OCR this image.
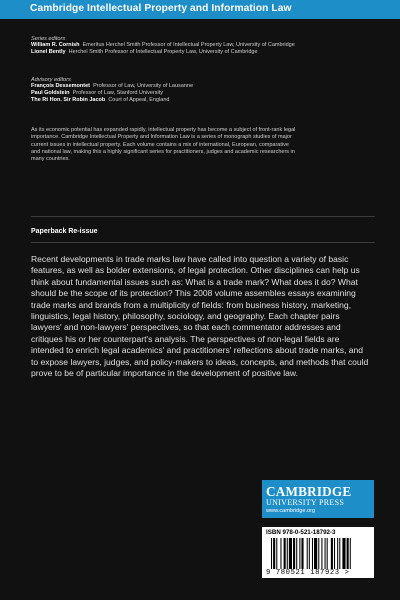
Cambridge Intellectual Property and Information Law
Series editors
William R. Cornish Emeritus Herchel Smith Professor of Intellectual Property Law, University of Cambridge
Lionel Bently Herchel Smith Professor of Intellectual Property Law, University of Cambridge
Advisory editors
François Dessemontet Professor of Law, University of Lausanne
Paul Goldstein Professor of Law, Stanford University
The Rt Hon. Sir Robin Jacob Court of Appeal, England
As its economic potential has expanded rapidly, intellectual property has become a subject of front-rank legal
importance. Cambridge Intellectual Property and Information Law is a series of monograph studies of major
current issues in intellectual property. Each volume contains a mix of international, European, comparative
and national law, making this a highly significant series for practitioners, judges and academic researchers in
many countries.
Paperback Re-issue
Recent developments in trade marks law have called into question a variety of basic
features, as well as bolder extensions, of legal protection. Other disciplines can help us
think about fundamental issues such as: What is a trade mark? What does it do? What
should be the scope of its protection? This 2008 volume assembles essays examining
trade marks and brands from a multiplicity of fields: from business history, marketing,
linguistics, legal history, philosophy, sociology, and geography. Each chapter pairs
lawyers' and non-lawyers' perspectives, so that each commentator addresses and
critiques his or her counterpart's analysis. The perspectives of non-legal fields are
intended to enrich legal academics' and practitioners' reflections about trade marks, and
to expose lawyers, judges, and policy-makers to ideas, concepts, and methods that could
prove to be of particular importance in the development of positive law.
CAMBRIDGE
UNIVERSITY PRESS
www.cambridge.org
ISBN 978-0-521-18792-3
9 780521 187923 >
